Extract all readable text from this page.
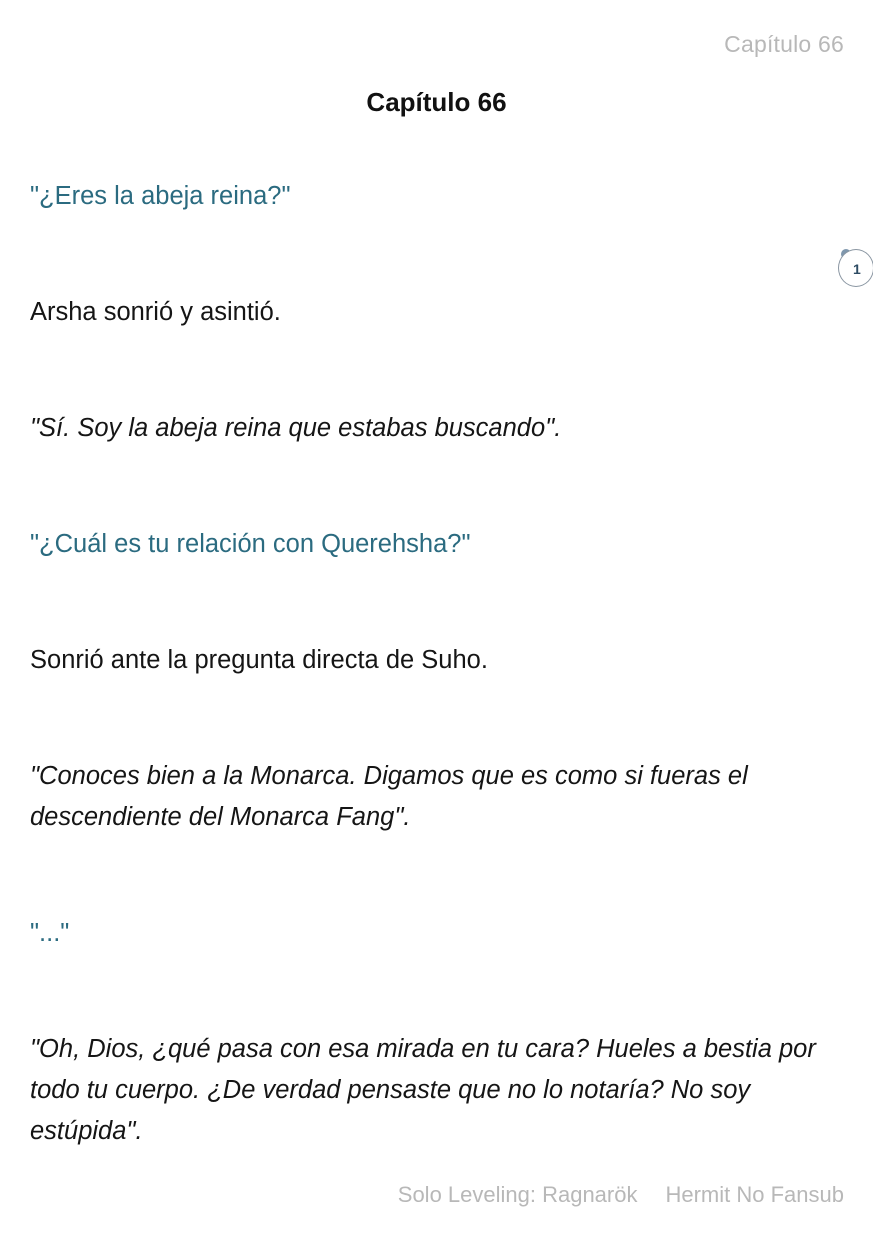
Capítulo 66
Capítulo 66
"¿Eres la abeja reina?"
1
Arsha sonrió y asintió.
"Sí. Soy la abeja reina que estabas buscando".
"¿Cuál es tu relación con Querehsha?"
Sonrió ante la pregunta directa de Suho.
"Conoces bien a la Monarca. Digamos que es como si fueras el descendiente del Monarca Fang".
"..."
"Oh, Dios, ¿qué pasa con esa mirada en tu cara? Hueles a bestia por todo tu cuerpo. ¿De verdad pensaste que no lo notaría? No soy estúpida".
Solo Leveling: Ragnarök Hermit No Fansub
